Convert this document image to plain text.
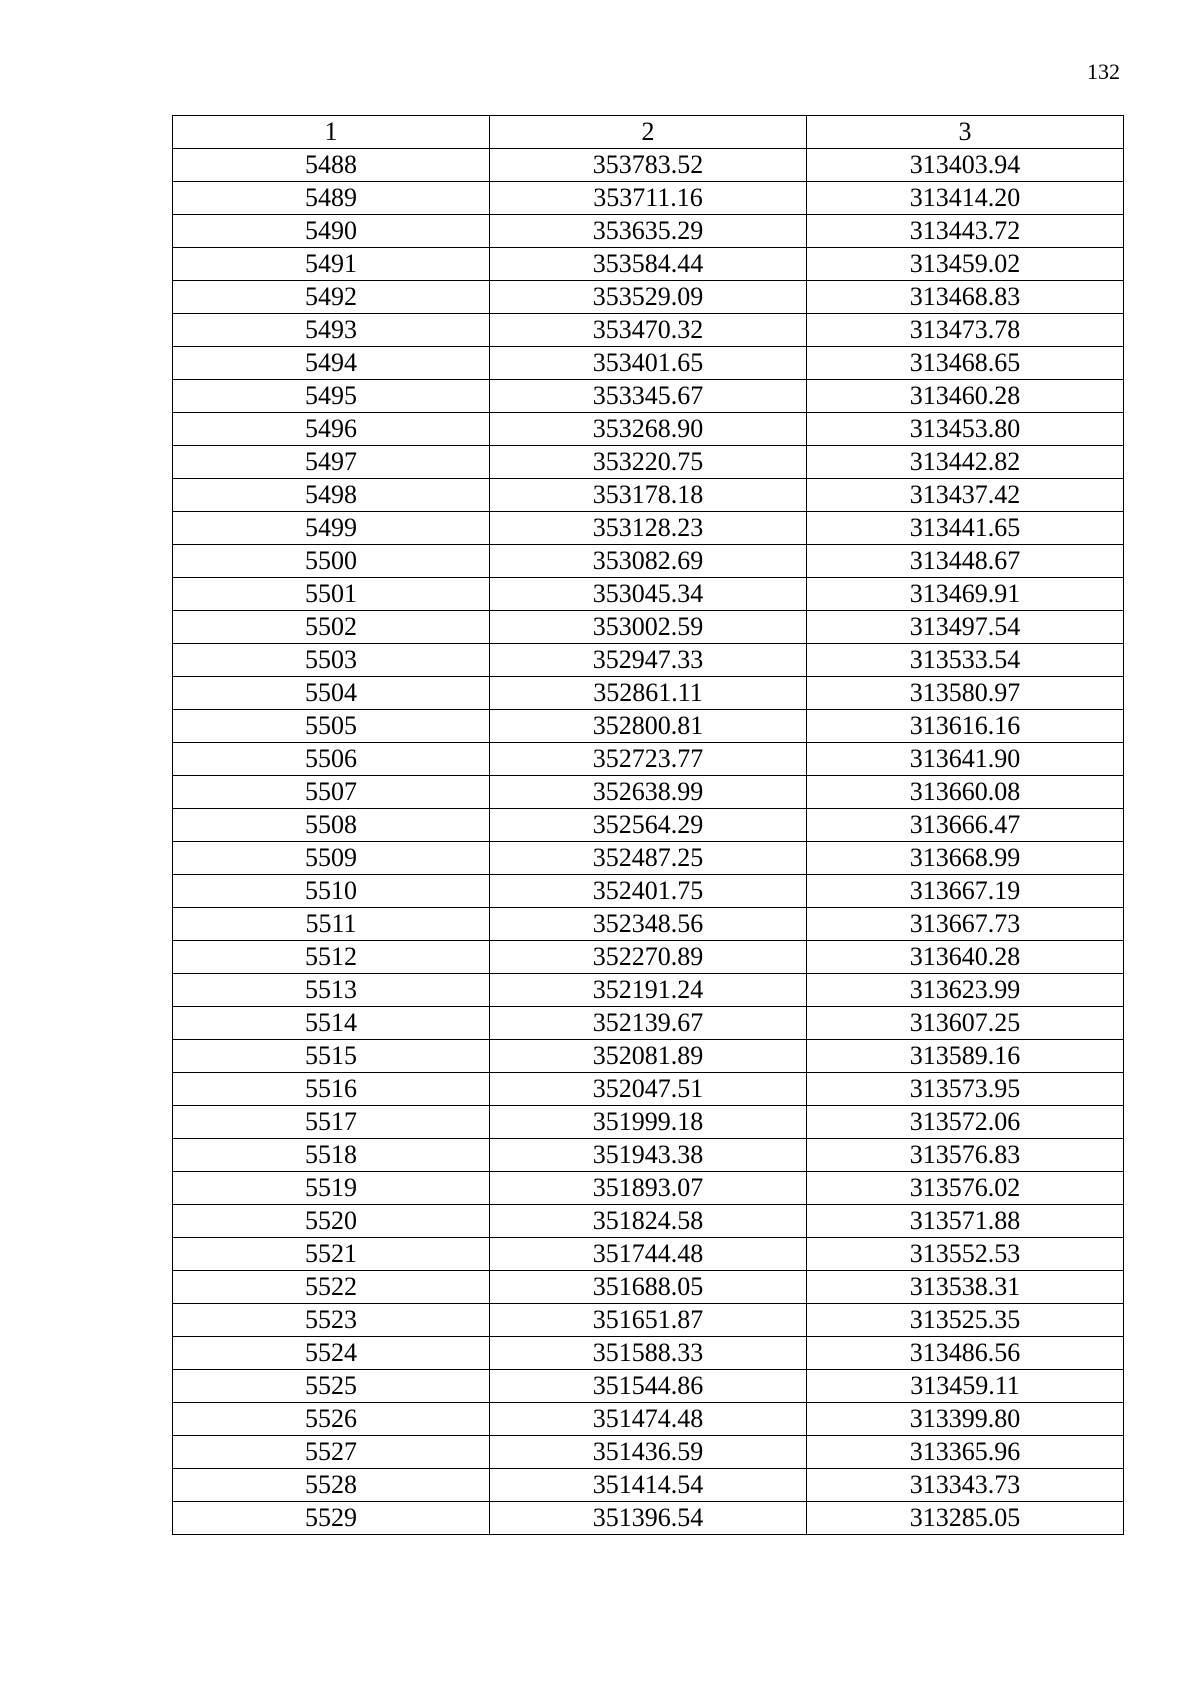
132
1	2	3
5488	353783.52	313403.94
5489	353711.16	313414.20
5490	353635.29	313443.72
5491	353584.44	313459.02
5492	353529.09	313468.83
5493	353470.32	313473.78
5494	353401.65	313468.65
5495	353345.67	313460.28
5496	353268.90	313453.80
5497	353220.75	313442.82
5498	353178.18	313437.42
5499	353128.23	313441.65
5500	353082.69	313448.67
5501	353045.34	313469.91
5502	353002.59	313497.54
5503	352947.33	313533.54
5504	352861.11	313580.97
5505	352800.81	313616.16
5506	352723.77	313641.90
5507	352638.99	313660.08
5508	352564.29	313666.47
5509	352487.25	313668.99
5510	352401.75	313667.19
5511	352348.56	313667.73
5512	352270.89	313640.28
5513	352191.24	313623.99
5514	352139.67	313607.25
5515	352081.89	313589.16
5516	352047.51	313573.95
5517	351999.18	313572.06
5518	351943.38	313576.83
5519	351893.07	313576.02
5520	351824.58	313571.88
5521	351744.48	313552.53
5522	351688.05	313538.31
5523	351651.87	313525.35
5524	351588.33	313486.56
5525	351544.86	313459.11
5526	351474.48	313399.80
5527	351436.59	313365.96
5528	351414.54	313343.73
5529	351396.54	313285.05
